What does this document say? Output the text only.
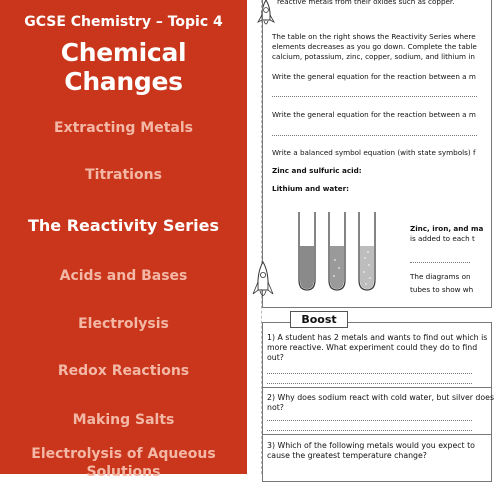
GCSE Chemistry – Topic 4
Chemical Changes
Extracting Metals
Titrations
The Reactivity Series
Acids and Bases
Electrolysis
Redox Reactions
Making Salts
Electrolysis of Aqueous Solutions
reactive metals from their oxides such as copper.
The table on the right shows the Reactivity Series where
elements decreases as you go down. Complete the table
calcium, potassium, zinc, copper, sodium, and lithium in
Write the general equation for the reaction between a m
Write the general equation for the reaction between a m
Write a balanced symbol equation (with state symbols) f
Zinc and sulfuric acid:
Lithium and water:
Zinc, iron, and ma
is added to each t
The diagrams on
tubes to show wh
Boost
1) A student has 2 metals and wants to find out which is
more reactive. What experiment could they do to find
out?
2) Why does sodium react with cold water, but silver does
not?
3) Which of the following metals would you expect to
cause the greatest temperature change?
